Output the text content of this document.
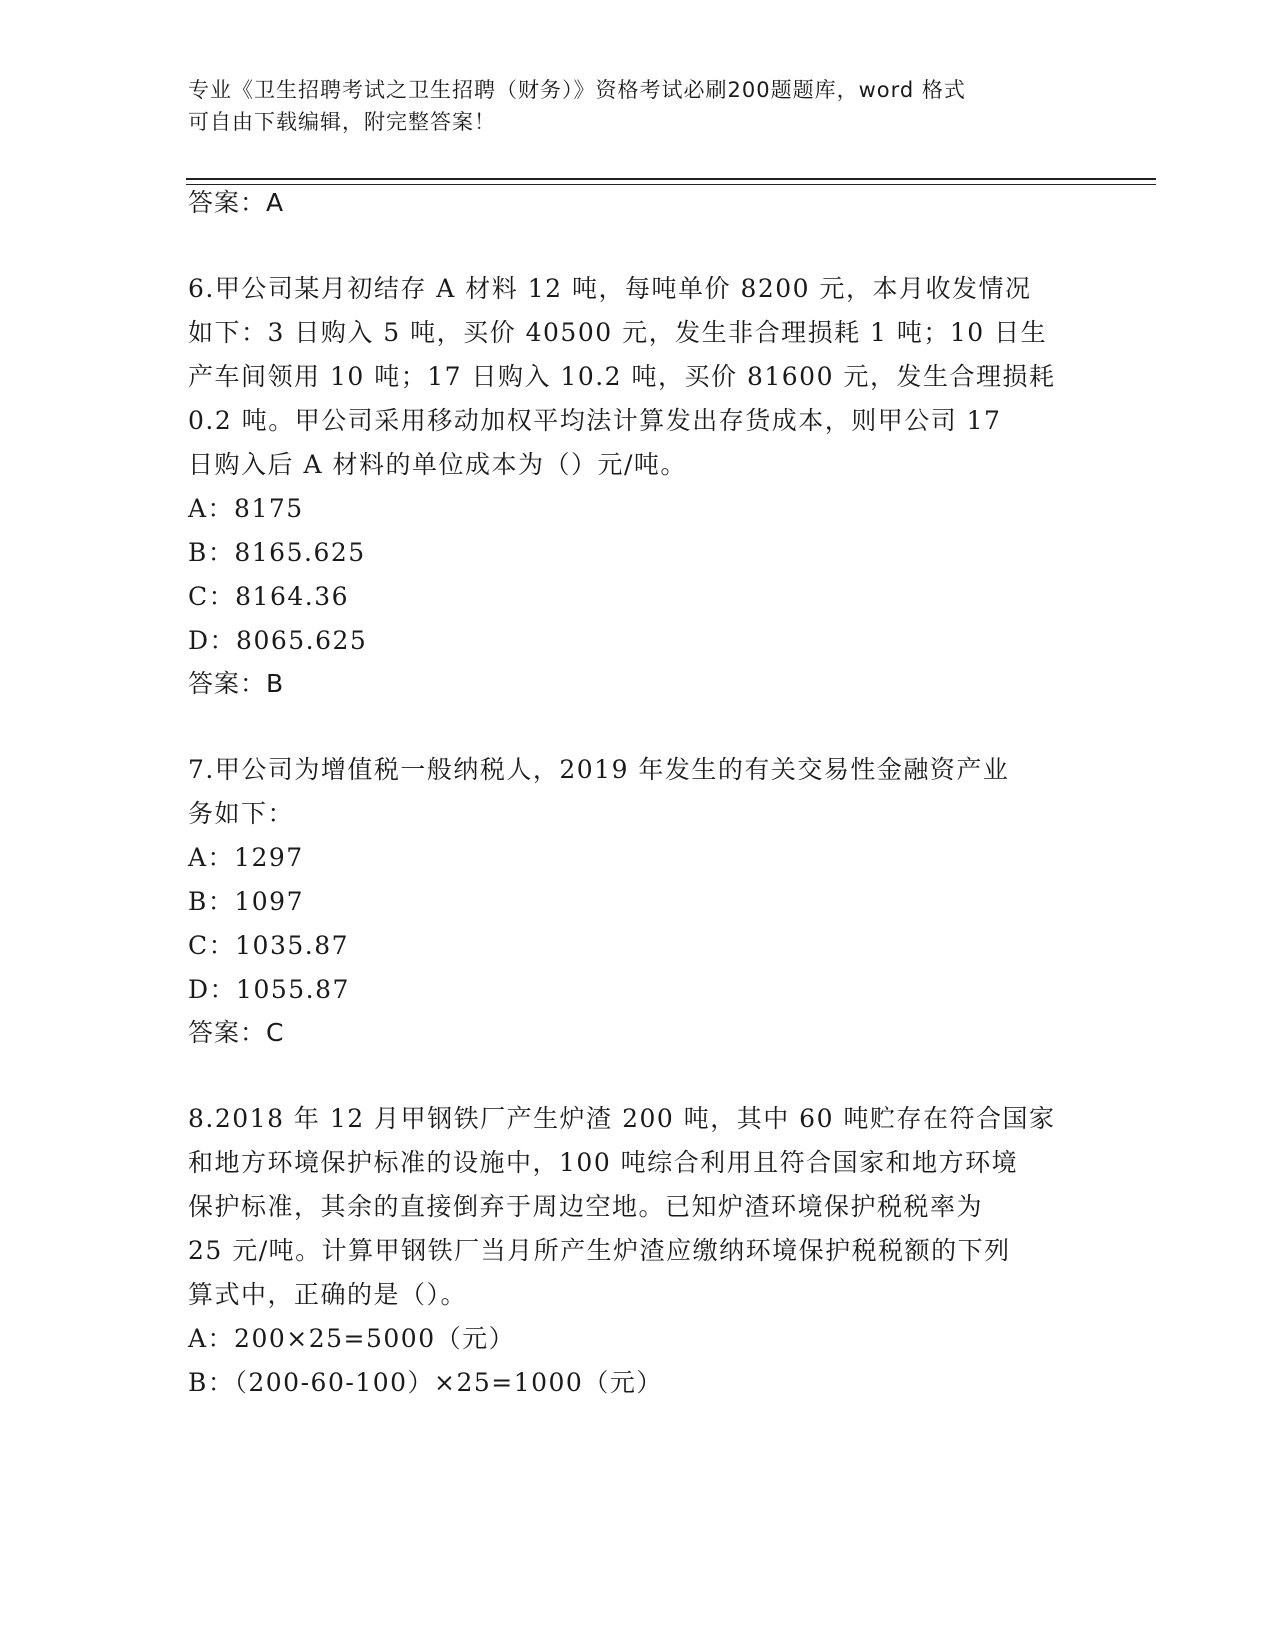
专业《卫生招聘考试之卫生招聘（财务）》资格考试必刷200题题库，word 格式
可自由下载编辑，附完整答案！
答案：A
6.甲公司某月初结存 A 材料 12 吨，每吨单价 8200 元，本月收发情况
如下：3 日购入 5 吨，买价 40500 元，发生非合理损耗 1 吨；10 日生
产车间领用 10 吨；17 日购入 10.2 吨，买价 81600 元，发生合理损耗
0.2 吨。甲公司采用移动加权平均法计算发出存货成本，则甲公司 17
日购入后 A 材料的单位成本为（）元/吨。
A：8175
B：8165.625
C：8164.36
D：8065.625
答案：B
7.甲公司为增值税一般纳税人，2019 年发生的有关交易性金融资产业
务如下：
A：1297
B：1097
C：1035.87
D：1055.87
答案：C
8.2018 年 12 月甲钢铁厂产生炉渣 200 吨，其中 60 吨贮存在符合国家
和地方环境保护标准的设施中，100 吨综合利用且符合国家和地方环境
保护标准，其余的直接倒弃于周边空地。已知炉渣环境保护税税率为
25 元/吨。计算甲钢铁厂当月所产生炉渣应缴纳环境保护税税额的下列
算式中，正确的是（）。
A：200×25=5000（元）
B：（200-60-100）×25=1000（元）
